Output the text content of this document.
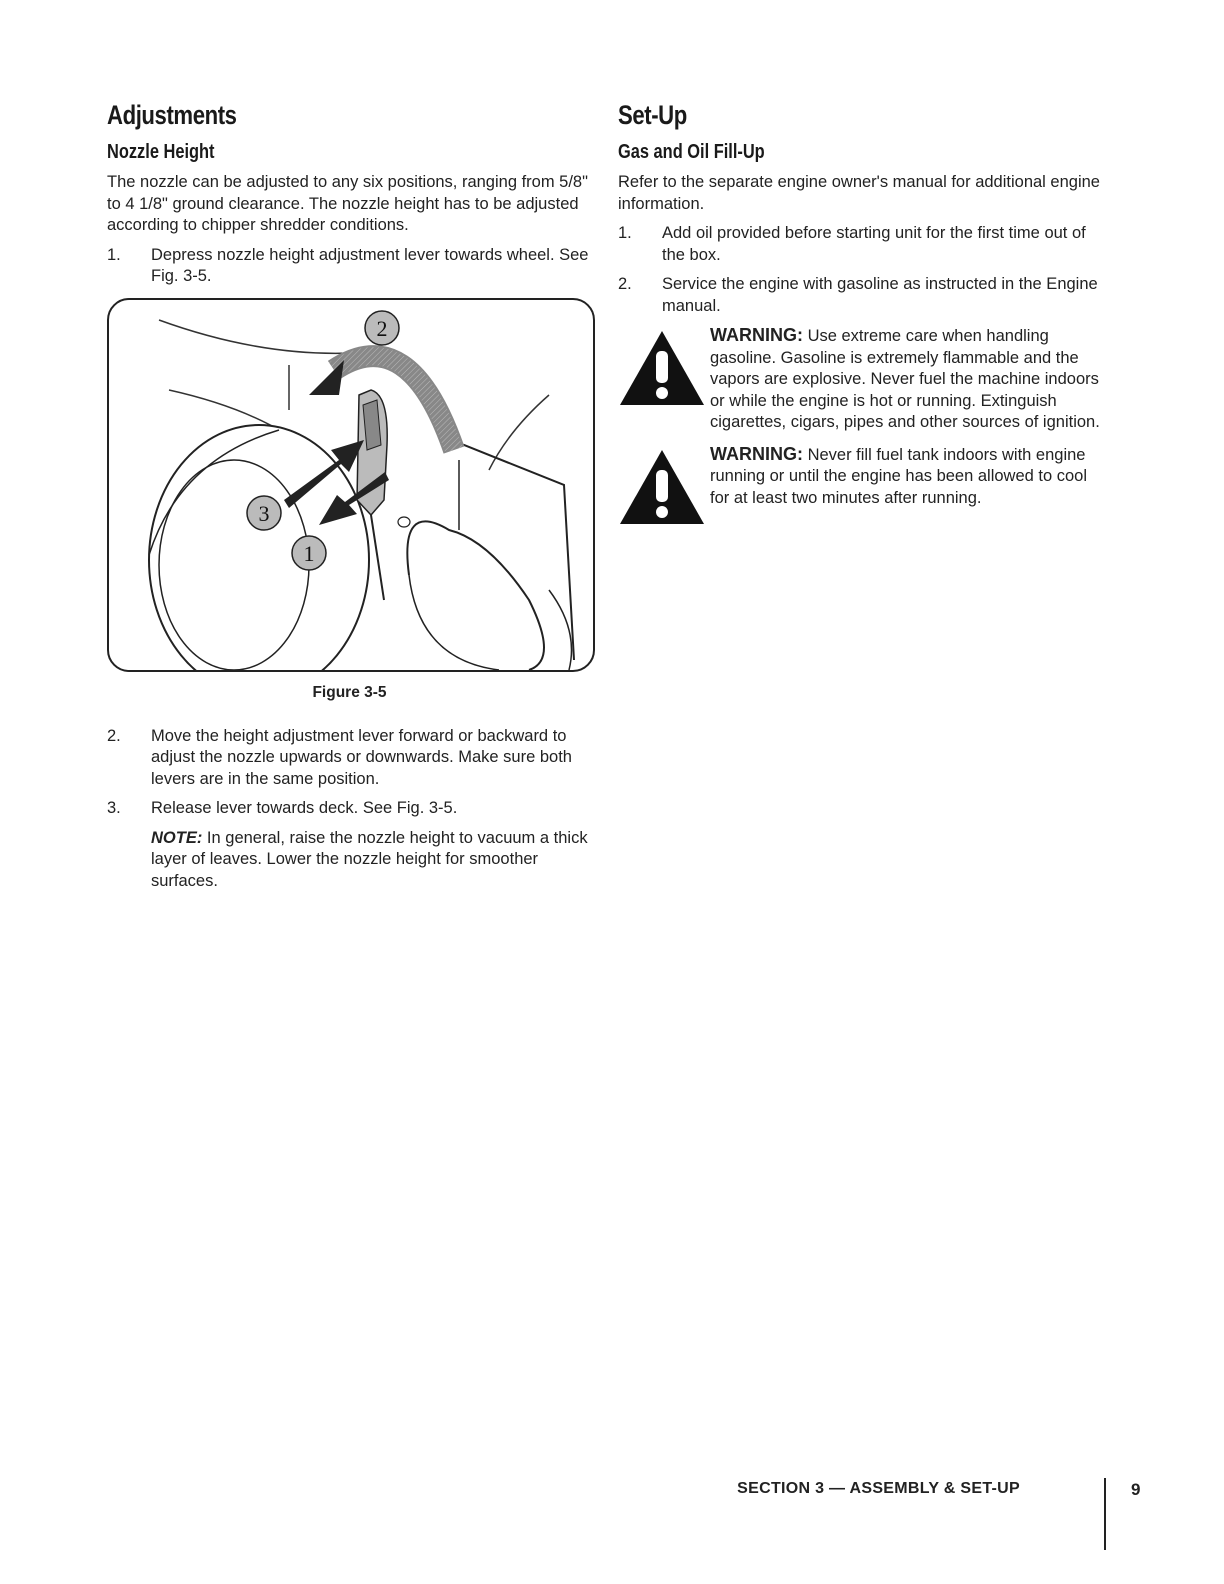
Adjustments
Nozzle Height

The nozzle can be adjusted to any six positions, ranging from 5/8" to 4 1/8" ground clearance. The nozzle height has to be adjusted according to chipper shredder conditions.

1.	Depress nozzle height adjustment lever towards wheel. See Fig. 3-5.
2
3
1
Figure 3-5
2.	Move the height adjustment lever forward or backward to adjust the nozzle upwards or downwards. Make sure both levers are in the same position.
3.	Release lever towards deck. See Fig. 3-5.
NOTE: In general, raise the nozzle height to vacuum a thick layer of leaves. Lower the nozzle height for smoother surfaces.
Set-Up
Gas and Oil Fill-Up

Refer to the separate engine owner's manual for additional engine information.

1.	Add oil provided before starting unit for the first time out of the box.
2.	Service the engine with gasoline as instructed in the Engine manual.
WARNING: Use extreme care when handling gasoline. Gasoline is extremely flammable and the vapors are explosive. Never fuel the machine indoors or while the engine is hot or running. Extinguish cigarettes, cigars, pipes and other sources of ignition.
WARNING: Never fill fuel tank indoors with engine running or until the engine has been allowed to cool for at least two minutes after running.
SECTION 3 — ASSEMBLY & SET-UP	9
